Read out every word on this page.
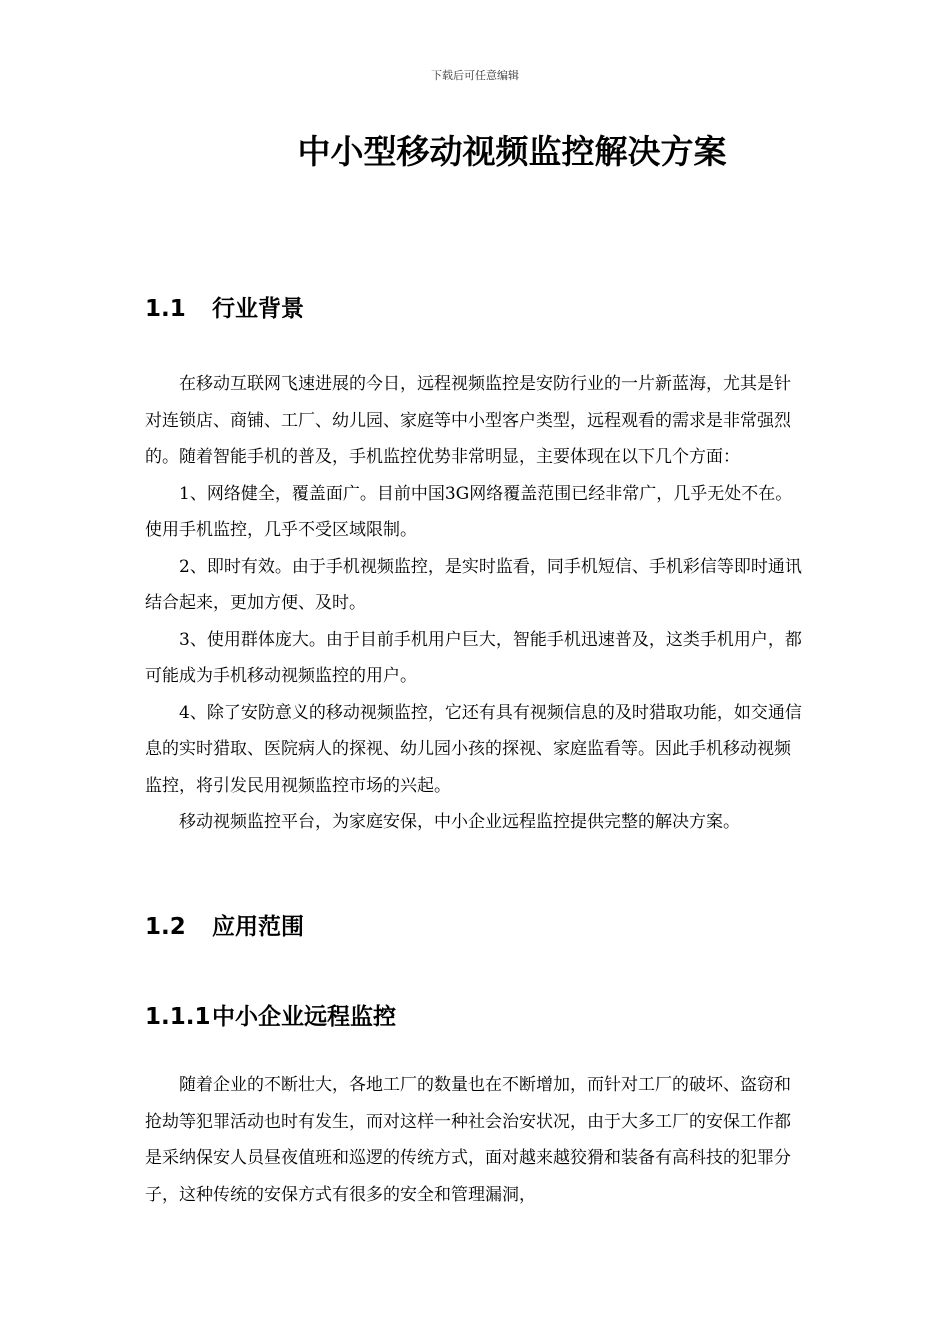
下载后可任意编辑
中小型移动视频监控解决方案
1.1 行业背景

在移动互联网飞速进展的今日，远程视频监控是安防行业的一片新蓝海，尤其是针对连锁店、商铺、工厂、幼儿园、家庭等中小型客户类型，远程观看的需求是非常强烈的。随着智能手机的普及，手机监控优势非常明显，主要体现在以下几个方面：

1、网络健全，覆盖面广。目前中国3G网络覆盖范围已经非常广，几乎无处不在。使用手机监控，几乎不受区域限制。

2、即时有效。由于手机视频监控，是实时监看，同手机短信、手机彩信等即时通讯结合起来，更加方便、及时。

3、使用群体庞大。由于目前手机用户巨大，智能手机迅速普及，这类手机用户，都可能成为手机移动视频监控的用户。

4、除了安防意义的移动视频监控，它还有具有视频信息的及时猎取功能，如交通信息的实时猎取、医院病人的探视、幼儿园小孩的探视、家庭监看等。因此手机移动视频监控，将引发民用视频监控市场的兴起。

移动视频监控平台，为家庭安保，中小企业远程监控提供完整的解决方案。

1.2 应用范围
1.1.1中小企业远程监控

随着企业的不断壮大，各地工厂的数量也在不断增加，而针对工厂的破坏、盗窃和抢劫等犯罪活动也时有发生，而对这样一种社会治安状况，由于大多工厂的安保工作都是采纳保安人员昼夜值班和巡逻的传统方式，面对越来越狡猾和装备有高科技的犯罪分子，这种传统的安保方式有很多的安全和管理漏洞，
